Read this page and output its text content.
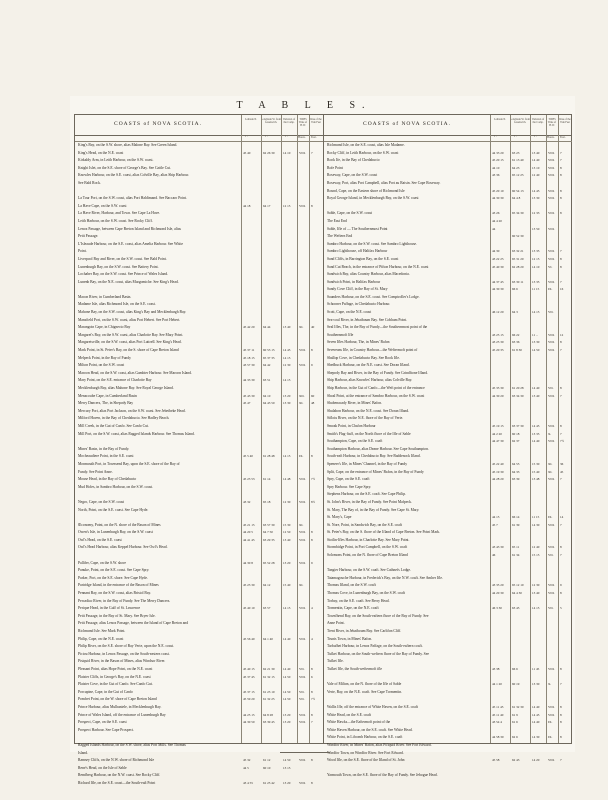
T A B L E S.
COASTS of NOVA SCOTIA.
Latitude N.	Longitude W. from Greenwich.
Variation of the Comp.
TIDES Time of H.W.
Rise of the Tide Feet
° '	° '	° '	Hours. Feet.
King's Bay, on the S.W. shore, alias Malone Bay. See Green Island.
King's Head, on the N.E. coast	45 40	62 26 30	14 10	VIII.	7
Kirkaldy Arm, in Leith Harbour, on the S.W. coast.
Knight Islet, on the S.E. shore of George's Bay. See Cattle Cut.
Knowles Harbour, on the S.E. coast, alias Colville Bay, alias Ship Harbour.
See Bald Rock.
La Tour Port, on the S.W. coast, alias Port Haldimand. See Baccaro Point.
La Have Cape, on the S.W. coast	44 18	64 17	12 15	VIII.	8
La Have River, Harbour, and Town. See Cape La Have.
Leith Harbour, on the S.W. coast. See Rocky Cliff.
Lenox Passage, between Cape Breton Island and Richmond Isle, alias
Petit Passage.
L'Isleaude Harbour, on the S.E. coast, alias Amelia Harbour. See White
Point.
Liverpool Bay and River, on the S.W. coast. See Bald Point.
Lunenburgh Bay, on the S.W. coast. See Battery Point.
Lochaber Bay, on the S.W. coast. See Prince of Wales Island.
Lunenb Bay, on the N.E. coast, alias Murgomiche. See King's Head.
Macon River, in Cumberland Basin.
Madame Isle, alias Richmond Isle, on the S.E. coast.
Mahone Bay, on the S.W. coast, alias King's Bay and Mecklenburgh Bay.
Mansfield Port, on the S.W. coast, alias Port Hebert. See Port Hebert.
Marangoin Cape, in Chignecto Bay	45 42 20	64 44	13 40	XI.	40
Margaret's Bay, on the S.W. coast, alias Charlotte Bay. See Mary Point.
Margaretsville, on the S.W. coast, alias Port Luttrell. See King's Head.
Mark Point, in St. Peter's Bay, on the S. shore of Cape Breton Island	45 37 11	60 53 15	14 45	VIII.	8
Melpeck Point, in the Bay of Fundy	45 18 15	65 37 35	14 15
Milton Point, on the S.W. coast	43 57 30	64 42	12 30	VIII.	9
Maroon Head, on the S.W. coast, alias Gambier Harbour. See Maroon Island.
Mary Point, on the S.E. entrance of Charlotte Bay	44 33 30	63 51	14 15
Mecklenburgh Bay, alias Mahone Bay. See Royal George Island.
Menacoube Cape, in Cumberland Basin	45 43 30	64 10	13 20	XII.	60
Merry Dancers, The, in Shepody Bay	45 47	64 43 50	13 30	XI.	48
Mercury Port, alias Port Jackson, on the S.W. coast. See Jebeibeke Head.
Milford Haven, in the Bay of Chedabucto. See Hadley Beach.
Mill Creek, in the Gut of Canfo. See Canfo Cut.
Mill Port, on the S.W. coast, alias Ragged Islands Harbour. See Thomas Island.
Mines' Basin, in the Bay of Fundy.
Mocheaudiere Point, in the S.E. coast	45 5 40	61 28 48	14 15	IX.	8
Monmouth Port, in Townsend Bay, upon the S.E. shore of the Bay of
Fundy. See Point Anne.
Mouse Head, in the Bay of Chedabucto	45 23 53	61 14	14 48	VIII.	7½
Mud Holes, in Sambro Harbour, on the S.W. coast.
Negro, Cape, on the S.W. coast	43 32	65 18	12 30	VIII.	8½
North, Point, on the S.E. coast. See Cape Hyde.
Œconomy, Point, on the N. shore of the Bason of Mines	45 21 15	63 57 30	15 30	XI.
Owen's Isle, in Lunenburgh Bay, on the S.W. coast	44 20 5	64 7 50	12 50	VIII.	8
Owl's Head, on the S.E. coast	44 41 45	63 29 35	13 40	VIII.	8
Owl's Head Harbour, alias Keppel Harbour. See Owl's Head.
Pallifer, Cape, on the S.W. shore	44 30 8	65 52 28	13 20	VIII.	9
Panuke, Point, on the S.E. coast. See Cape Spry.
Parker, Port, on the S.E. shore. See Cape Hyde.
Partridge Island, in the entrance of the Bason of Mines	45 23 30	64 12	15 40	XI.
Pennant Bay, on the S.W. coast, alias Bristol Bay.
Percadiac River, in the Bay of Fundy. See The Merry Dancers.
Perique Head, in the Gulf of St. Lawrence	45 40 10	63 57	14 15	VIII.	4
Petit Passage, in the Bay of St. Mary. See Bryer Isle.
Petit Passage, alias Lenox Passage, between the Island of Cape Breton and
Richmond Isle. See Mark Point.
Philip, Cape, on the N.E. coast	45 56 40	64 1 40	14 40	VIII.	4
Philip River, on the S.E. shore of Bay Verte, upon the N.E. coast.
Pictou Harbour, in Lenox Passage, on the South-eastern coast.
Pisiquid River, in the Bason of Mines, alias Windsor River.
Pleasant Point, alias Hope Point, on the N.E. coast	45 40 15	62 21 30	14 40	VII.	8
Plaister Cliffs, in George's Bay, on the N.E. coast	45 37 45	61 32 15	14 50	VIII.	6
Plaister Cove, in the Gut of Canfo. See Canfo Gut.
Porcupine, Cape, in the Gut of Canfo	45 37 15	61 23 10	14 50	VII.	8
Pomfret Point, on the W. shore of Cape Breton Island	45 59 20	61 32 25	14 50	VII.	7½
Prince Harbour, alias Mulhaniele, in Mecklenburgh Bay.
Prince of Wales Island, off the entrance of Lunenburgh Bay	44 25 15	64 8 28	13 20	VIII.	8
Prospect, Cape, on the S.E. coast	44 30 50	63 39 45	13 20	VIII.	7
Prospect Harbour. See Cape Prospect.
Ragged Islands Harbour, on the S.W. shore, alias Port Mills. See Thomas
Island.
Ramsey Cliffs, on the N.W. shore of Richmond Isle	45 32	61 12	14 50	VIII.	8
Rene's Head, on the Isle of Sable	44 5	60 10	13 15
Remfberg Harbour, on the N.W. coast. See Rocky Cliff.
Richard Ifle, on the S.E. coast—the South-eaſt Point	43 4 55	61 25 42	13 20	VIII.	8
COASTS of NOVA SCOTIA.
Latitude N.	Longitude W. from Greenwich.
Variation of the Comp.
TIDES Time of H.W.
Rise of the Tide Feet
° '	° '	° '	Hours. Feet.
Richmond Isle, on the S.E. coast, alias Isle Madame.
Rocky Cliff, in Leith Harbour, on the S.W. coast	44 33 20	63 23	13 40	VIII.	7
Rook Ife, in the Bay of Chedabucto	45 20 15	61 13 40	14 40	VIII.	7
Rofe Point	44 10	64 23	13 10	VIII.	8
Roseway, Cape, on the S.W. coast	43 36	65 12 25	12 40	VIII.	8
Roseway, Port, alias Port Campbell, alias Port au Raisin. See Cape Roseway.
Round, Cape, on the Eastern shore of Richmond Isle	45 20 10	60 54 13	14 45	VIII.	8
Royal George Island, in Mecklenburgh Bay, on the S.W. coast	44 30 30	64 4 8	13 30	VIII.	8
Sable, Cape, on the S.W. coast	43 26	65 34 30	12 33	VIII.	8
The East End	44 4 20
Sable, Ifle of — The Southernmost Point	44	13 50	VIII.
The Weftern End	60 52 30
Sambro Harbour, on the S.W. coast. See Sambro Lighthouse.
Sambro Lighthouse, off Halifax Harbour	44 30	63 32 21	13 35	VIII.	7
Sand Cliffs, in Barrington Bay, on the S.E. coast	43 22 25	65 31 20	12 15	VIII.	8
Sand Cut Beach, in the entrance of Pifton Harbour, on the N.E. coast	45 40 30	62 28 20	14 10	VI.	8
Sandwich Bay, alias Country Harbour, alias Macedonia.
Sandwich Point, in Halifax Harbour	44 37 45	63 30 11	13 35	VIII.	7
Sandy Cove Cliff, in the Bay of St. Mary	44 30 30	66 6	11 15	IX.	16
Saunders Harbour, on the S.E. coast. See Comptroller's Lodge.
Schooner Paffage, in Chedabucto Harbour.
Scott, Cape, on the N.E. coast	46 12 20	64 3	14 15	VII.
Sea-coal River, in Jebaiboum Bay. See Cobham Point.
Seal Ifles, The, in the Bay of Fundy—the Southernmost point of the
Southernmoft Ifle	43 25 15	66 22	11 ..	VIII.	12
Seven Ifles Harbour, The, in Mines' Bafon	43 25 30	63 36	13 30	VIII.	8
Severeans Ifle, in Country Harbour—the Weftermoft point of	45 20 35	61 8 30	14 50	VIII.	7
Shallop Cove, in Chedabucto Bay. See Rook Ifle.
Shedbuck Harbour, on the N.E. coast. See Doran Ifland.
Shepody Bay and River, in the Bay of Fundy. See Grindftone Ifland.
Ship Harbour, alias Knowles' Harbour, alias Colville Bay.
Ship Harbour, in the Gut of Canfo—the Weft point of the entrance	45 35 30	61 20 28	14 40	VII.	8
Shoal Point, at the entrance of Sambro Harbour, on the S.W. coast	44 30 20	63 34 30	13 40	VIII.	7
Shubenacady River, in Mines' Bafon.
Shulabon Harbour, on the N.E. coast. See Doran Ifland.
Sifloiu River, on the N.E. fhore of the Bay of Verte.
Smoak Point, in Chafon Harbour	45 19 15	63 37 30	14 45	VIII.	8
Smith's Flag-ftaff, on the North fhore of the Ifle of Sable	44 2 20	60 18	13 35	X.	7
Southampton, Cape, on the S.E. coaft	44 47 30	62 37	14 40	VIII.	7½
Southampton Harbour, alias Deane Harbour. See Cape Southampton.
South-eaft Harbour, in Chedabucto Bay. See Baddenock Ifland.
Speneer's Ifle, in Mines' Channel, in the Bay of Fundy	45 22 40	64 55	15 30	XI.	36
Split, Cape, on the entrance of Mines' Bafon, in the Bay of Fundy	45 19 30	64 33	15 40	XI.	45
Spry, Cape, on the S.E. coaft	44 28 20	63 39	13 48	VIII.	7
Spry Harbour. See Cape Spry.
Stephens Harbour, on the S.E. coaft. See Cape Philip.
St. John's River, in the Bay of Fundy. See Point Mafpeck.
St. Mary, The Bay of, in the Bay of Fundy. See Cape St. Mary.
St. Mary's, Cape	44 15	66 14	11 15	IX.	14
St. Nore, Point, in Sandwich Bay, on the S.E. coaft	45 7	61 39	14 30	VIII.	7
St. Peter's Bay, on the S. fhore of the Ifland of Cape Breton. See Point Mark.
Stoilin-Ifles Harbour, in Charlotte Bay. See Mary Point.
Stormbidge Point, in Port Campbell, on the S.W. coaft	43 43 30	65 11	12 40	VIII.	8
Solomons Point, on the N. fhore of Cape Breton Ifland	46	61 34	15 15	VII.	7
Tangier Harbour, on the S.W. coaft. See Cathnefs Lodge.
Tatamagouche Harbour, in Frederick's Bay, on the N.W. coaft. See Amher Ifle.
Thomas Ifland, on the S.W. coaft	43 35 20	65 12 10	12 30	VIII.	9
Thomas Cove, in Lunenburgh Bay, on the S.W. coaft	44 20 30	64 4 30	13 40	VIII.	8
Torbay, on the S.E. coaft. See Berry Head.
Tormentin, Cape, on the N.E. coaft	46 3 30	63 45	14 15	VII.	5
Townfhend Bay, on the South-eaftern fhore of the Bay of Fundy. See
Anne Point.
Trent River, in Jebaiboum Bay. See Carlifon Cliff.
Trunis Town, in Mines' Bafon.
Tarbufhet Harbour, in Lenox Paffage, on the South-eaftern coaft.
Tufket Harbour, on the South-weftern fhore of the Bay of Fundy. See
Tufket Ifle.
Tufket Ifle, the South-weftermoft ifle	43 38	66 6	11 45	VIII.	8
Vale of Milton, on the N. fhore of the Ifle of Sable	44 1 20	60 19	13 30	X.	7
Verte, Bay, on the N.E. coaft. See Cape Tormentin.
Wallis Ifle, off the entrance of White Haven, on the S.E. coaft	45 11 45	61 32 30	14 40	VIII.	8
White Head, on the S.E. coaft	45 11 40	61 9	14 45	VIII.	8
White Hawks—the Eaftermoft point of the	43 54 4	61 6	14 40	IX.	8
White Haven Harbour, on the S.E. coaft. See White Head.
White Point, in Lifcomb Harbour, on the S.E. coaft	44 58 30	62 6	14 30	IX.	8
Windfor River, in Mines' Bafon, alias Pifiquid River. See Fort Edward.
Windfor Town, on Windfor River. See Fort Edward.
Wood Ifle, on the S.E. fhore of the Ifland of St. John	45 58	62 43	14 20	VIII.	7
Yarmouth Town, on the S.E. fhore of the Bay of Fundy. See Jebogue Head.
